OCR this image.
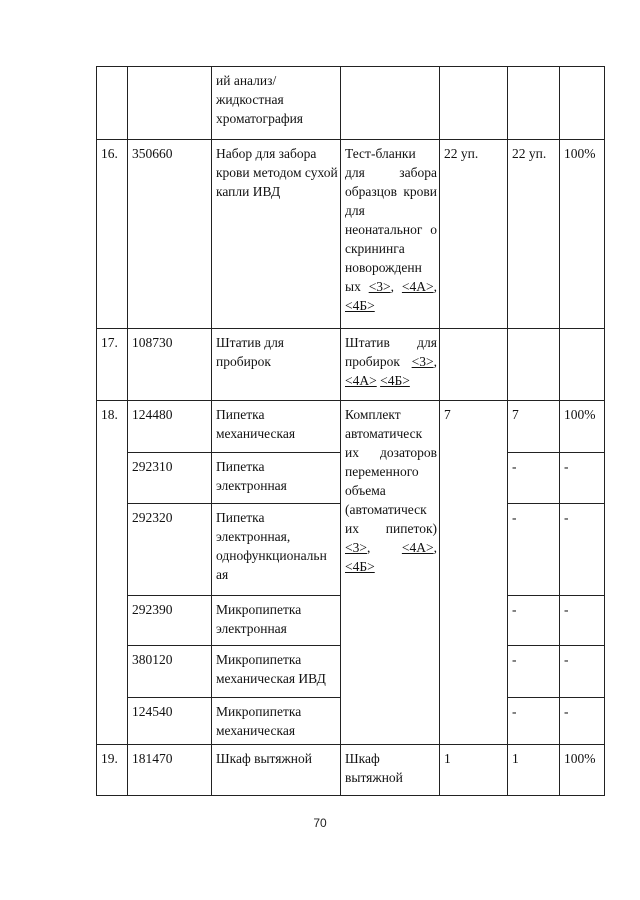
		ий анализ/жидкостная хроматография				
16.	350660	Набор для забора крови методом сухой капли ИВД	Тест-бланки для забора образцов крови для неонатальног о скрининга новорожденн ых <3>, <4А>, <4Б>	22 уп.	22 уп.	100%
17.	108730	Штатив для пробирок	Штатив для пробирок <3>, <4А> <4Б>			
18.	124480	Пипетка механическая	Комплект автоматическ их дозаторов переменного объема (автоматическ их пипеток) <3>, <4А>, <4Б>	7	7	100%
	292310	Пипетка электронная			-	-
	292320	Пипетка электронная, однофункциональн ая			-	-
	292390	Микропипетка электронная			-	-
	380120	Микропипетка механическая ИВД			-	-
	124540	Микропипетка механическая			-	-
19.	181470	Шкаф вытяжной	Шкаф вытяжной	1	1	100%
70
